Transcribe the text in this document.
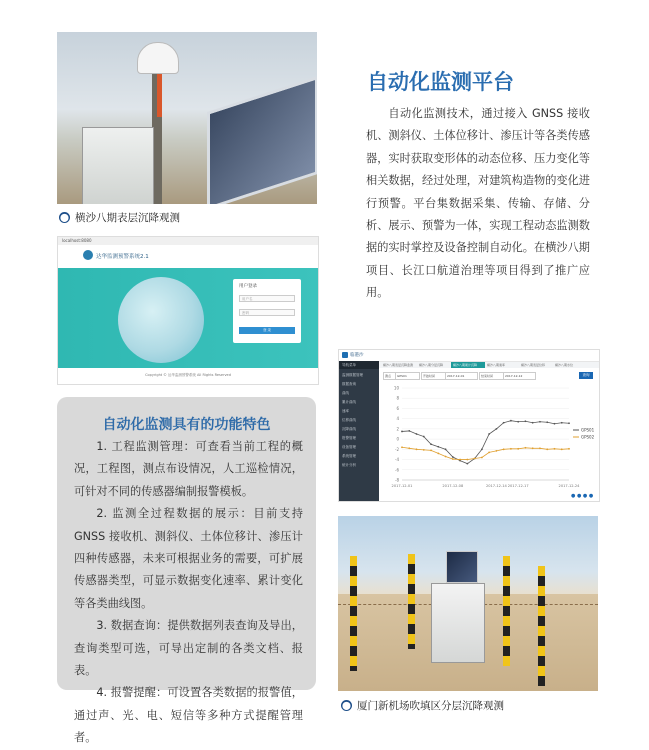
⬤ 横沙八期表层沉降观测
localhost:8080
达华监测预警系统2.1
用户登录
用户名
密码
登 录
Copyright © 达华监测预警系统 All Rights Reserved
自动化监测具有的功能特色

1. 工程监测管理：可查看当前工程的概况，工程图，测点布设情况，人工巡检情况，可针对不同的传感器编制报警模板。

2. 监测全过程数据的展示：目前支持 GNSS 接收机、测斜仪、土体位移计、渗压计四种传感器，未来可根据业务的需要，可扩展传感器类型，可显示数据变化速率、累计变化等各类曲线图。

3. 数据查询：提供数据列表查询及导出，查询类型可选，可导出定制的各类文档、报表。

4. 报警提醒：可设置各类数据的报警值，通过声、光、电、短信等多种方式提醒管理者。

自动化监测平台
自动化监测技术，通过接入 GNSS 接收机、测斜仪、土体位移计、渗压计等各类传感器，实时获取变形体的动态位移、压力变化等相关数据，经过处理，对建筑构造物的变化进行预警。平台集数据采集、传输、存储、分析、展示、预警为一体，实现工程动态监测数据的实时掌控及设备控制自动化。在横沙八期项目、长江口航道治理等项目得到了推广应用。
临港沙
导航菜单
监测数据管理
数据查询
曲线
累计曲线
速率
位移曲线
沉降曲线
报警管理
设备管理
系统管理
统计分析
横沙八期表层沉降监测	横沙八期分层沉降	横沙八期累计沉降	横沙八期速率	横沙八期表层位移	横沙八期水位
测点	GPS01	开始时间	2017-12-01	结束时间	2017-12-12	查询
-8
-6
-4
-2
0
2
4
6
8
10
2017-12-01	2017-12-08	2017-12-14 2017-12-17	2017-12-24
GPS01
GPS02
● ● ● ●
⬤ 厦门新机场吹填区分层沉降观测
